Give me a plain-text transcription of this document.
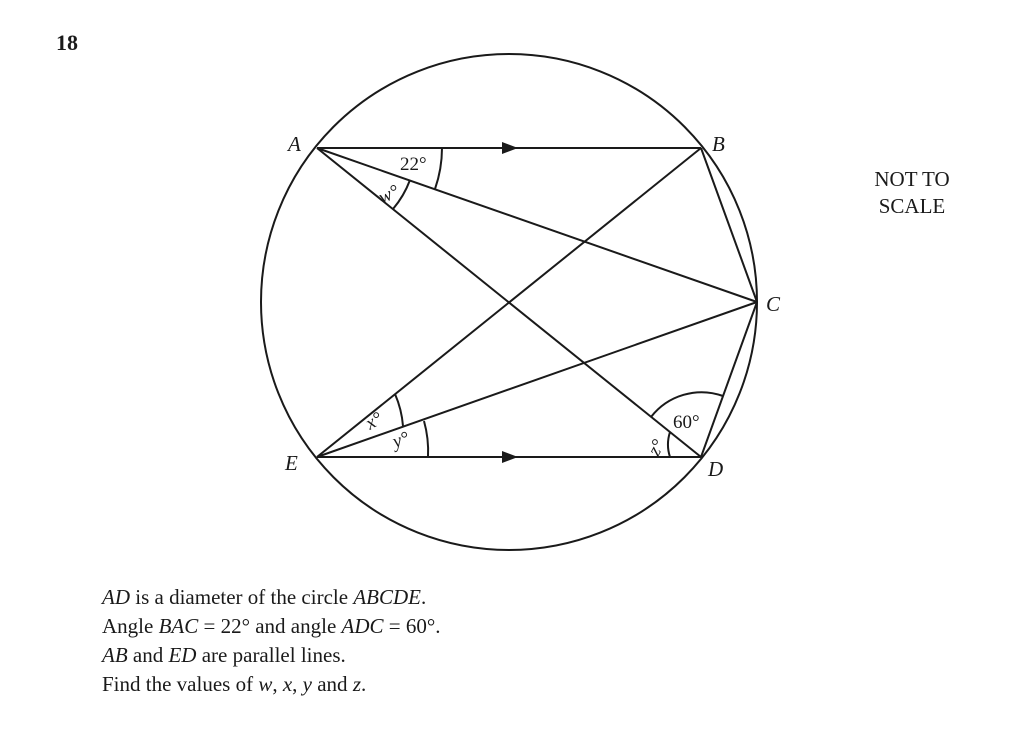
18
A	B
C
D
E
22°
w°
x°
y°
60°
z°
NOT TO
SCALE
AD is a diameter of the circle ABCDE.
Angle BAC = 22° and angle ADC = 60°.
AB and ED are parallel lines.
Find the values of w, x, y and z.
